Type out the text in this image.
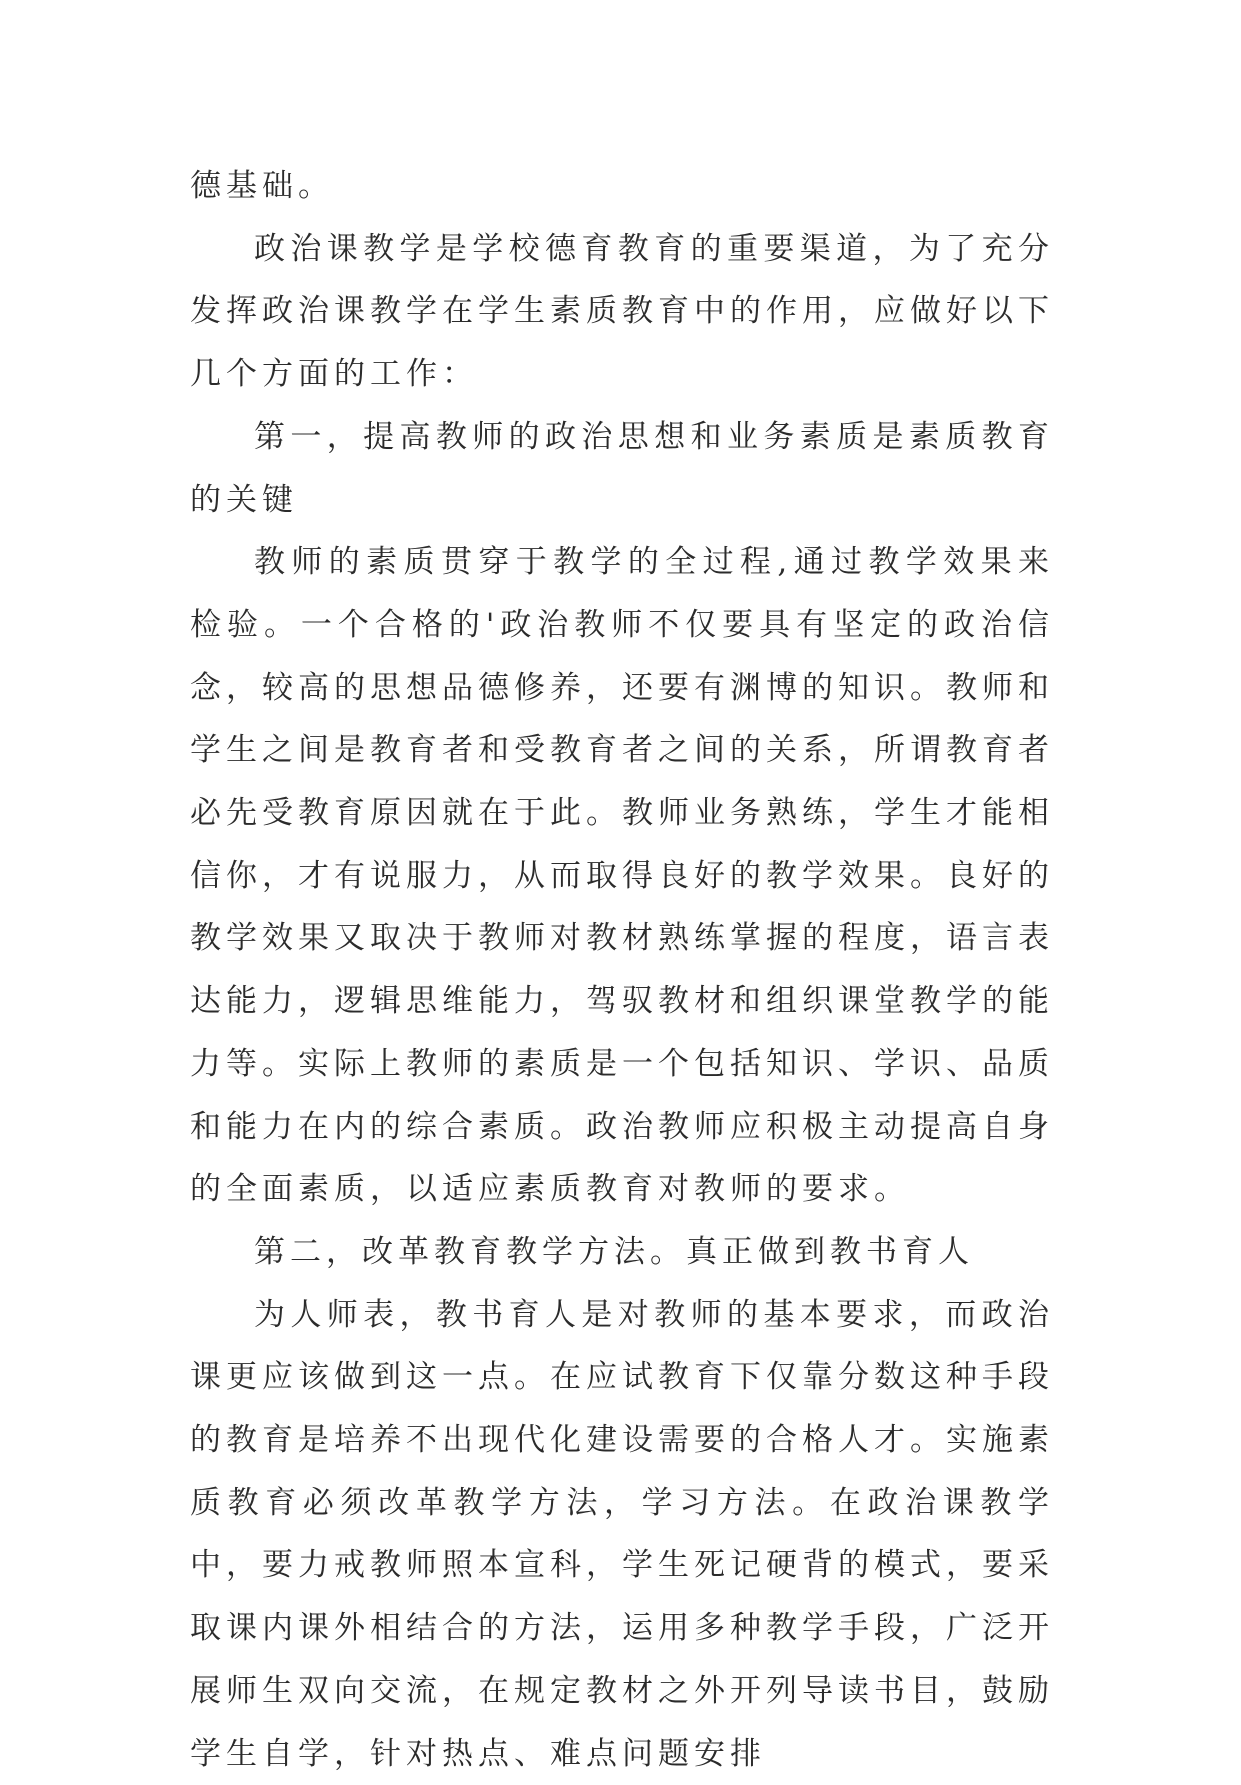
德基础。

政治课教学是学校德育教育的重要渠道，为了充分发挥政治课教学在学生素质教育中的作用，应做好以下几个方面的工作：

第一，提高教师的政治思想和业务素质是素质教育的关键

教师的素质贯穿于教学的全过程,通过教学效果来检验。一个合格的'政治教师不仅要具有坚定的政治信念，较高的思想品德修养，还要有渊博的知识。教师和学生之间是教育者和受教育者之间的关系，所谓教育者必先受教育原因就在于此。教师业务熟练，学生才能相信你，才有说服力，从而取得良好的教学效果。良好的教学效果又取决于教师对教材熟练掌握的程度，语言表达能力，逻辑思维能力，驾驭教材和组织课堂教学的能力等。实际上教师的素质是一个包括知识、学识、品质和能力在内的综合素质。政治教师应积极主动提高自身的全面素质，以适应素质教育对教师的要求。

第二，改革教育教学方法。真正做到教书育人

为人师表，教书育人是对教师的基本要求，而政治课更应该做到这一点。在应试教育下仅靠分数这种手段的教育是培养不出现代化建设需要的合格人才。实施素质教育必须改革教学方法，学习方法。在政治课教学中，要力戒教师照本宣科，学生死记硬背的模式，要采取课内课外相结合的方法，运用多种教学手段，广泛开展师生双向交流，在规定教材之外开列导读书目，鼓励学生自学，针对热点、难点问题安排
